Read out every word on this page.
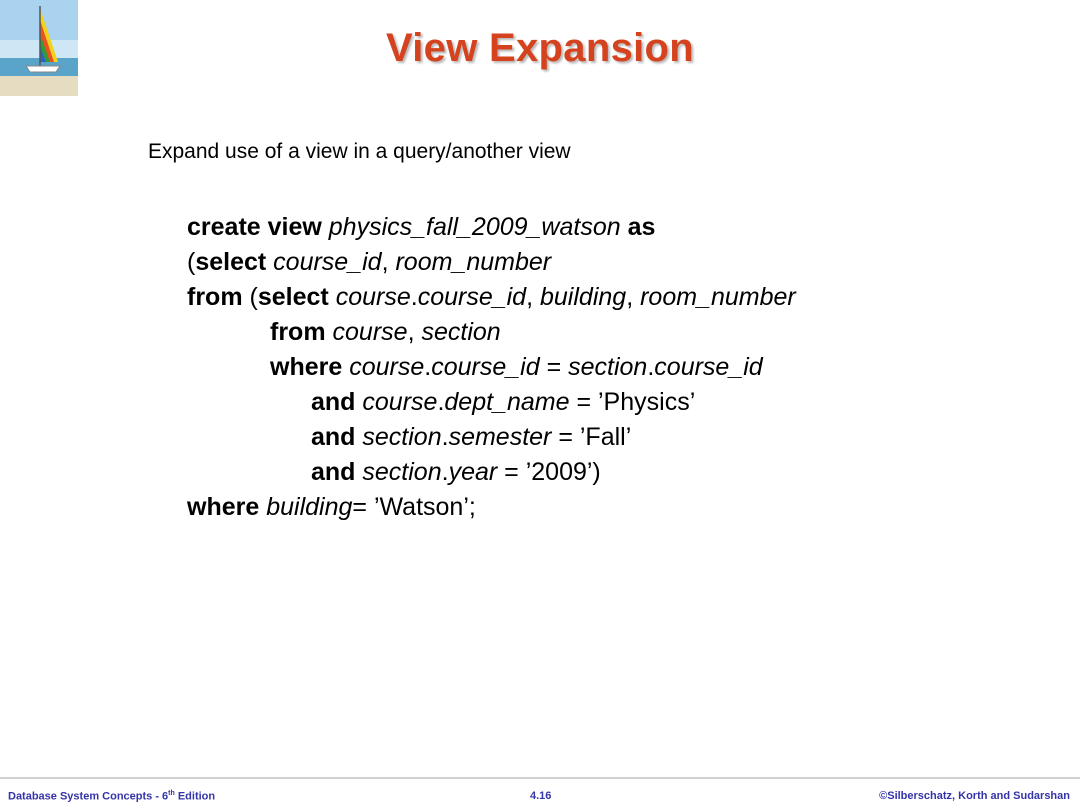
View Expansion
Expand use of a view in a query/another view
create view physics_fall_2009_watson as
(select course_id, room_number
from (select course.course_id, building, room_number
from course, section
where course.course_id = section.course_id
and course.dept_name = ’Physics’
and section.semester = ’Fall’
and section.year = ’2009’)
where building= ’Watson’;
Database System Concepts - 6th Edition	4.16	©Silberschatz, Korth and Sudarshan
